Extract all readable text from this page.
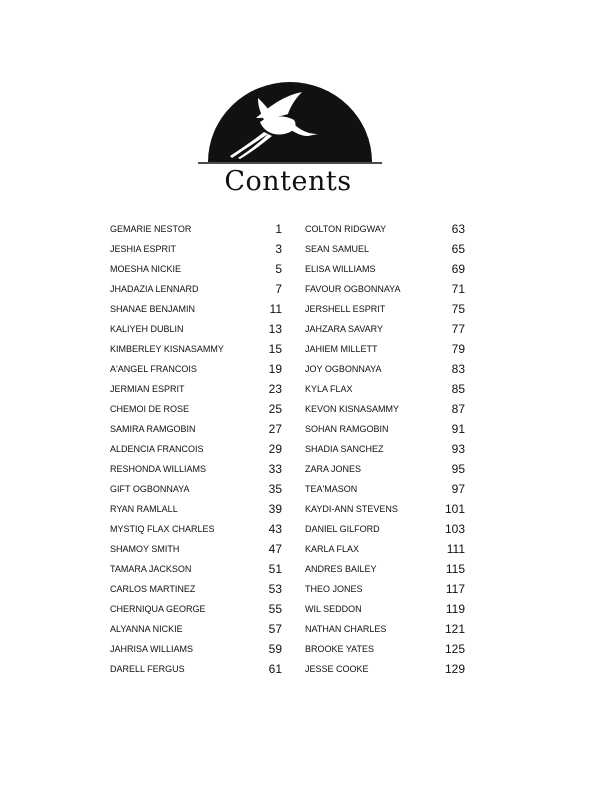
Contents
GEMARIE NESTOR	1
JESHIA ESPRIT	3
MOESHA NICKIE	5
JHADAZIA LENNARD	7
SHANAE BENJAMIN	11
KALIYEH DUBLIN	13
KIMBERLEY KISNASAMMY	15
A'ANGEL FRANCOIS	19
JERMIAN ESPRIT	23
CHEMOI DE ROSE	25
SAMIRA RAMGOBIN	27
ALDENCIA FRANCOIS	29
RESHONDA WILLIAMS	33
GIFT OGBONNAYA	35
RYAN RAMLALL	39
MYSTIQ FLAX CHARLES	43
SHAMOY SMITH	47
TAMARA JACKSON	51
CARLOS MARTINEZ	53
CHERNIQUA GEORGE	55
ALYANNA NICKIE	57
JAHRISA WILLIAMS	59
DARELL FERGUS	61
COLTON RIDGWAY	63
SEAN SAMUEL	65
ELISA WILLIAMS	69
FAVOUR OGBONNAYA	71
JERSHELL ESPRIT	75
JAHZARA SAVARY	77
JAHIEM MILLETT	79
JOY OGBONNAYA	83
KYLA FLAX	85
KEVON KISNASAMMY	87
SOHAN RAMGOBIN	91
SHADIA SANCHEZ	93
ZARA JONES	95
TEA'MASON	97
KAYDI-ANN STEVENS	101
DANIEL GILFORD	103
KARLA FLAX	111
ANDRES BAILEY	115
THEO JONES	117
WIL SEDDON	119
NATHAN CHARLES	121
BROOKE YATES	125
JESSE COOKE	129
